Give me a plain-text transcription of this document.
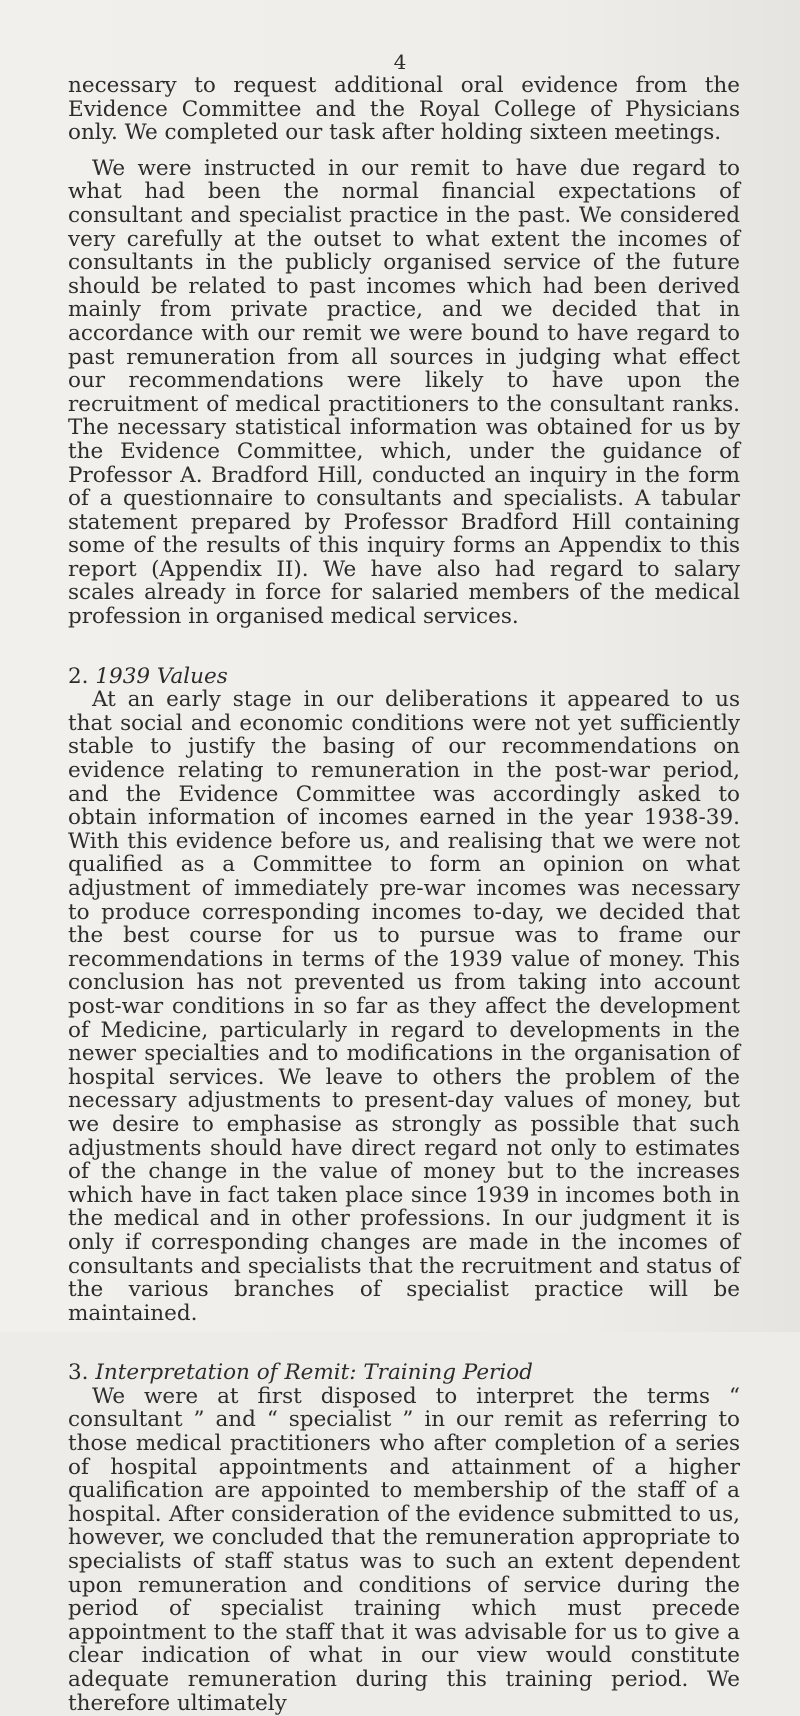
4

necessary to request additional oral evidence from the Evidence Committee and the Royal College of Physicians only. We completed our task after holding sixteen meetings.

We were instructed in our remit to have due regard to what had been the normal financial expectations of consultant and specialist practice in the past. We considered very carefully at the outset to what extent the incomes of consultants in the publicly organised service of the future should be related to past incomes which had been derived mainly from private practice, and we decided that in accordance with our remit we were bound to have regard to past remuneration from all sources in judging what effect our recommendations were likely to have upon the recruitment of medical practitioners to the consultant ranks. The necessary statistical information was obtained for us by the Evidence Committee, which, under the guidance of Professor A. Bradford Hill, conducted an inquiry in the form of a questionnaire to consultants and specialists. A tabular statement prepared by Professor Bradford Hill containing some of the results of this inquiry forms an Appendix to this report (Appendix II). We have also had regard to salary scales already in force for salaried members of the medical profession in organised medical services.

2. 1939 Values

At an early stage in our deliberations it appeared to us that social and economic conditions were not yet sufficiently stable to justify the basing of our recommendations on evidence relating to remuneration in the post-war period, and the Evidence Committee was accordingly asked to obtain information of incomes earned in the year 1938-39. With this evidence before us, and realising that we were not qualified as a Committee to form an opinion on what adjustment of immediately pre-war incomes was necessary to produce corresponding incomes to-day, we decided that the best course for us to pursue was to frame our recommendations in terms of the 1939 value of money. This conclusion has not prevented us from taking into account post-war conditions in so far as they affect the development of Medicine, particularly in regard to developments in the newer specialties and to modifications in the organisation of hospital services. We leave to others the problem of the necessary adjustments to present-day values of money, but we desire to emphasise as strongly as possible that such adjustments should have direct regard not only to estimates of the change in the value of money but to the increases which have in fact taken place since 1939 in incomes both in the medical and in other professions. In our judgment it is only if corresponding changes are made in the incomes of consultants and specialists that the recruitment and status of the various branches of specialist practice will be maintained.

3. Interpretation of Remit: Training Period

We were at first disposed to interpret the terms “ consultant ” and “ specialist ” in our remit as referring to those medical practitioners who after completion of a series of hospital appointments and attainment of a higher qualification are appointed to membership of the staff of a hospital. After consideration of the evidence submitted to us, however, we concluded that the remuneration appropriate to specialists of staff status was to such an extent dependent upon remuneration and conditions of service during the period of specialist training which must precede appointment to the staff that it was advisable for us to give a clear indication of what in our view would constitute adequate remuneration during this training period. We therefore ultimately
